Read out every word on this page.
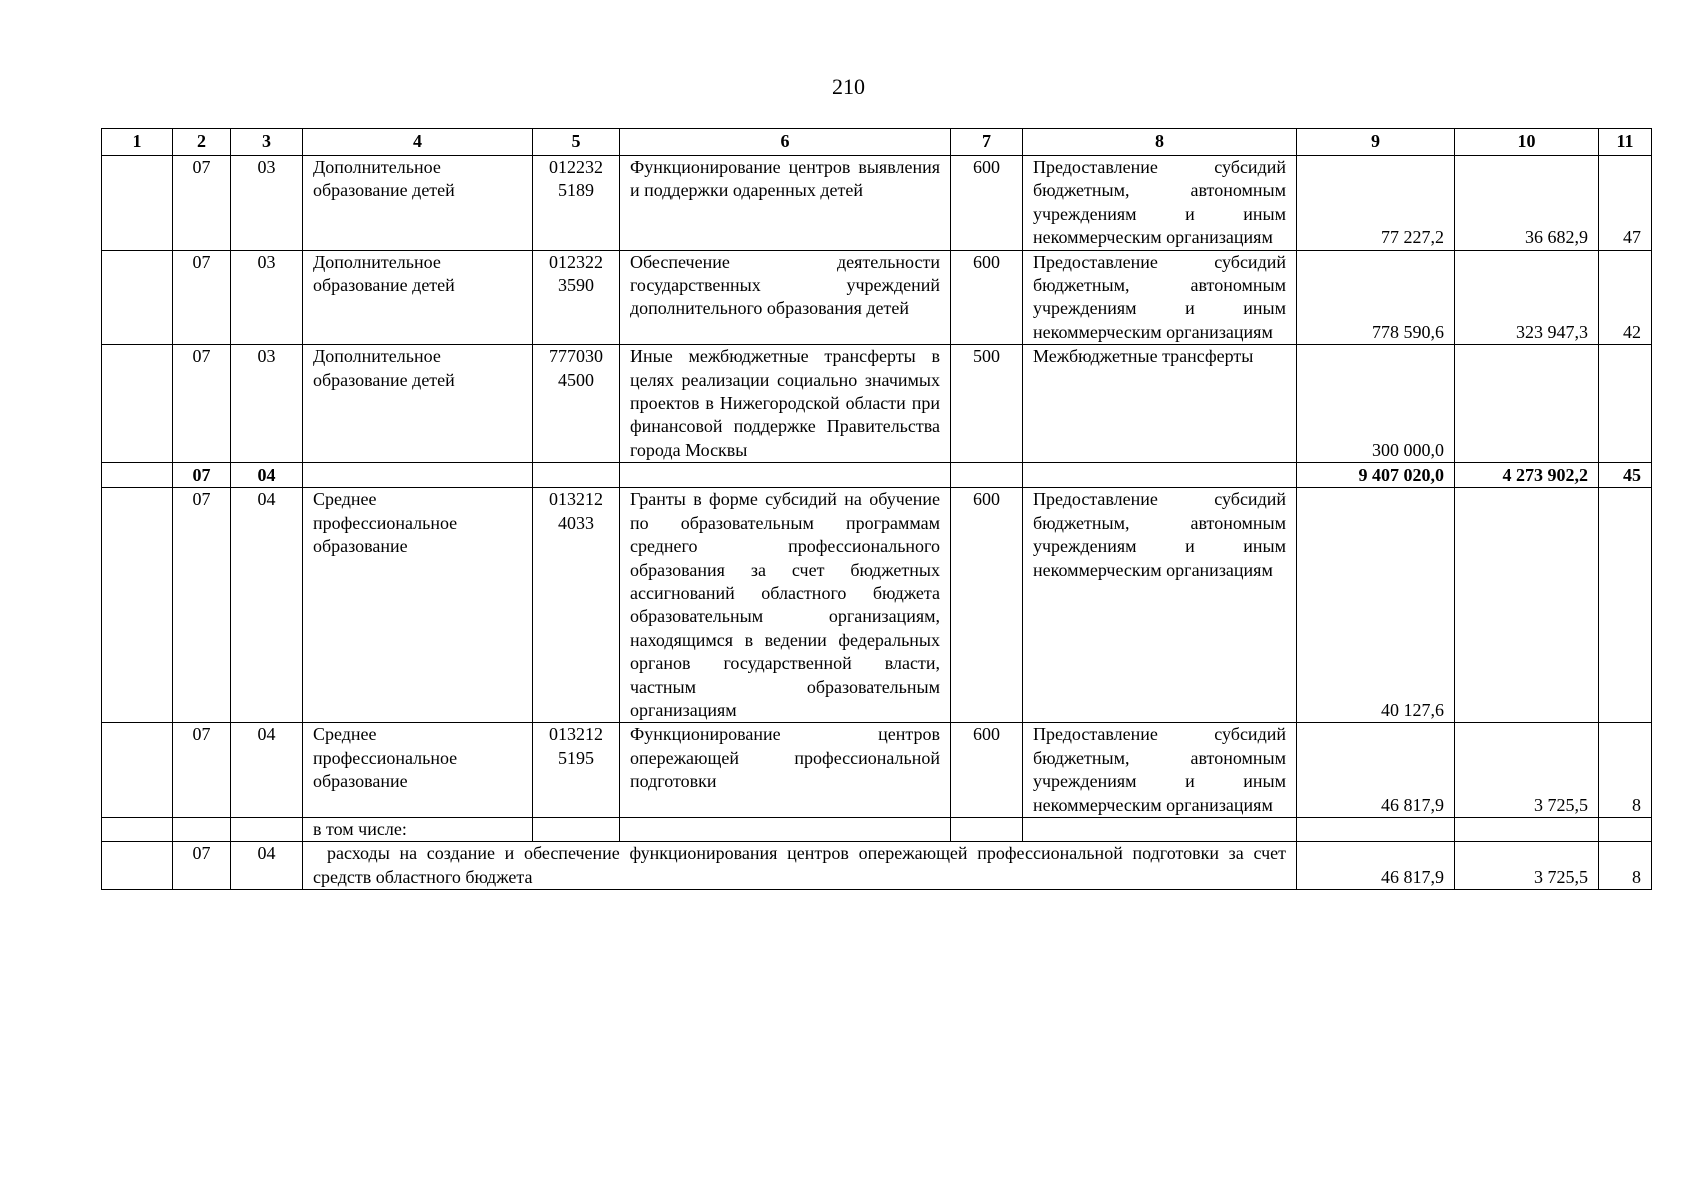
210
1	2	3	4	5	6	7	8	9	10	11
	07	03	Дополнительное образование детей	012232 5189	Функционирование центров выявления и поддержки одаренных детей	600	Предоставление субсидий бюджетным, автономным учреждениям и иным некоммерческим организациям	77 227,2	36 682,9	47
	07	03	Дополнительное образование детей	012322 3590	Обеспечение деятельности государственных учреждений дополнительного образования детей	600	Предоставление субсидий бюджетным, автономным учреждениям и иным некоммерческим организациям	778 590,6	323 947,3	42
	07	03	Дополнительное образование детей	777030 4500	Иные межбюджетные трансферты в целях реализации социально значимых проектов в Нижегородской области при финансовой поддержке Правительства города Москвы	500	Межбюджетные трансферты	300 000,0		
	07	04						9 407 020,0	4 273 902,2	45
	07	04	Среднее профессиональное образование	013212 4033	Гранты в форме субсидий на обучение по образовательным программам среднего профессионального образования за счет бюджетных ассигнований областного бюджета образовательным организациям, находящимся в ведении федеральных органов государственной власти, частным образовательным организациям	600	Предоставление субсидий бюджетным, автономным учреждениям и иным некоммерческим организациям	40 127,6		
	07	04	Среднее профессиональное образование	013212 5195	Функционирование центров опережающей профессиональной подготовки	600	Предоставление субсидий бюджетным, автономным учреждениям и иным некоммерческим организациям	46 817,9	3 725,5	8
			в том числе:							
	07	04	расходы на создание и обеспечение функционирования центров опережающей профессиональной подготовки за счет средств областного бюджета					46 817,9	3 725,5	8
